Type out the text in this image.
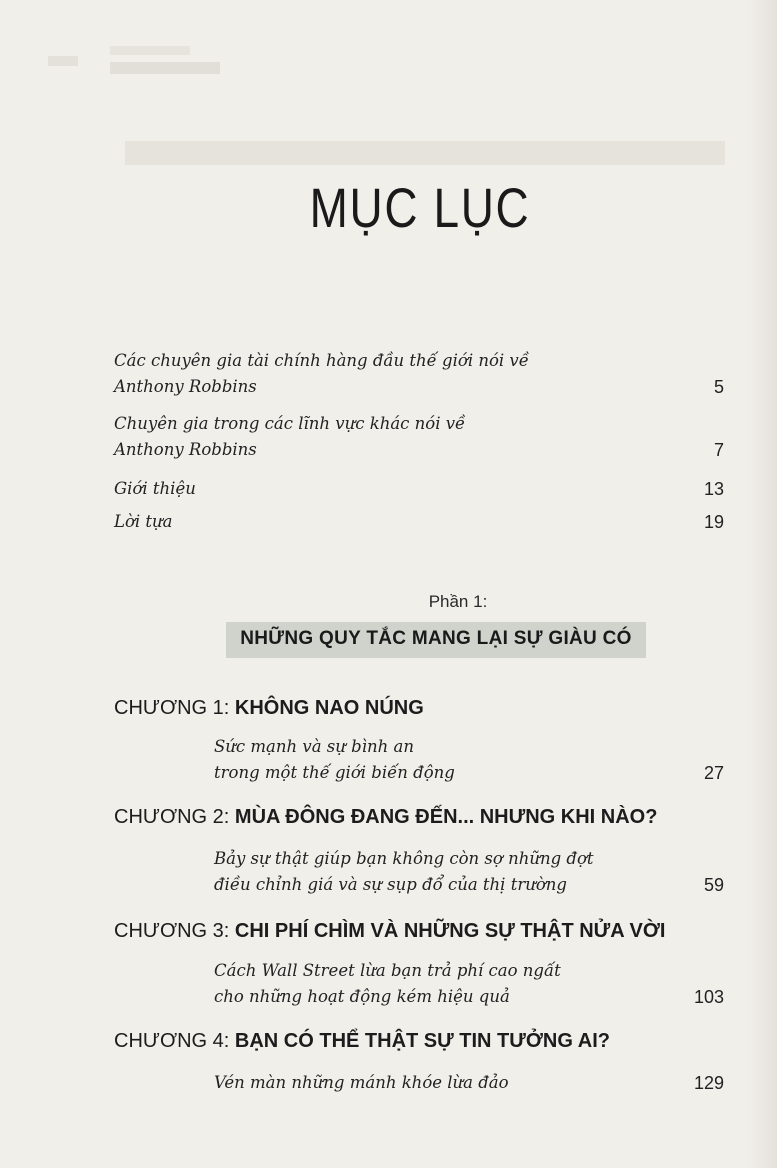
MỤC LỤC
Các chuyên gia tài chính hàng đầu thế giới nói về
Anthony Robbins	5
Chuyên gia trong các lĩnh vực khác nói về
Anthony Robbins	7
Giới thiệu	13
Lời tựa	19
Phần 1:
NHỮNG QUY TẮC MANG LẠI SỰ GIÀU CÓ
CHƯƠNG 1: KHÔNG NAO NÚNG
Sức mạnh và sự bình an
trong một thế giới biến động	27
CHƯƠNG 2: MÙA ĐÔNG ĐANG ĐẾN... NHƯNG KHI NÀO?
Bảy sự thật giúp bạn không còn sợ những đợt
điều chỉnh giá và sự sụp đổ của thị trường	59
CHƯƠNG 3: CHI PHÍ CHÌM VÀ NHỮNG SỰ THẬT NỬA VỜI
Cách Wall Street lừa bạn trả phí cao ngất
cho những hoạt động kém hiệu quả	103
CHƯƠNG 4: BẠN CÓ THỂ THẬT SỰ TIN TƯỞNG AI?
Vén màn những mánh khóe lừa đảo	129
